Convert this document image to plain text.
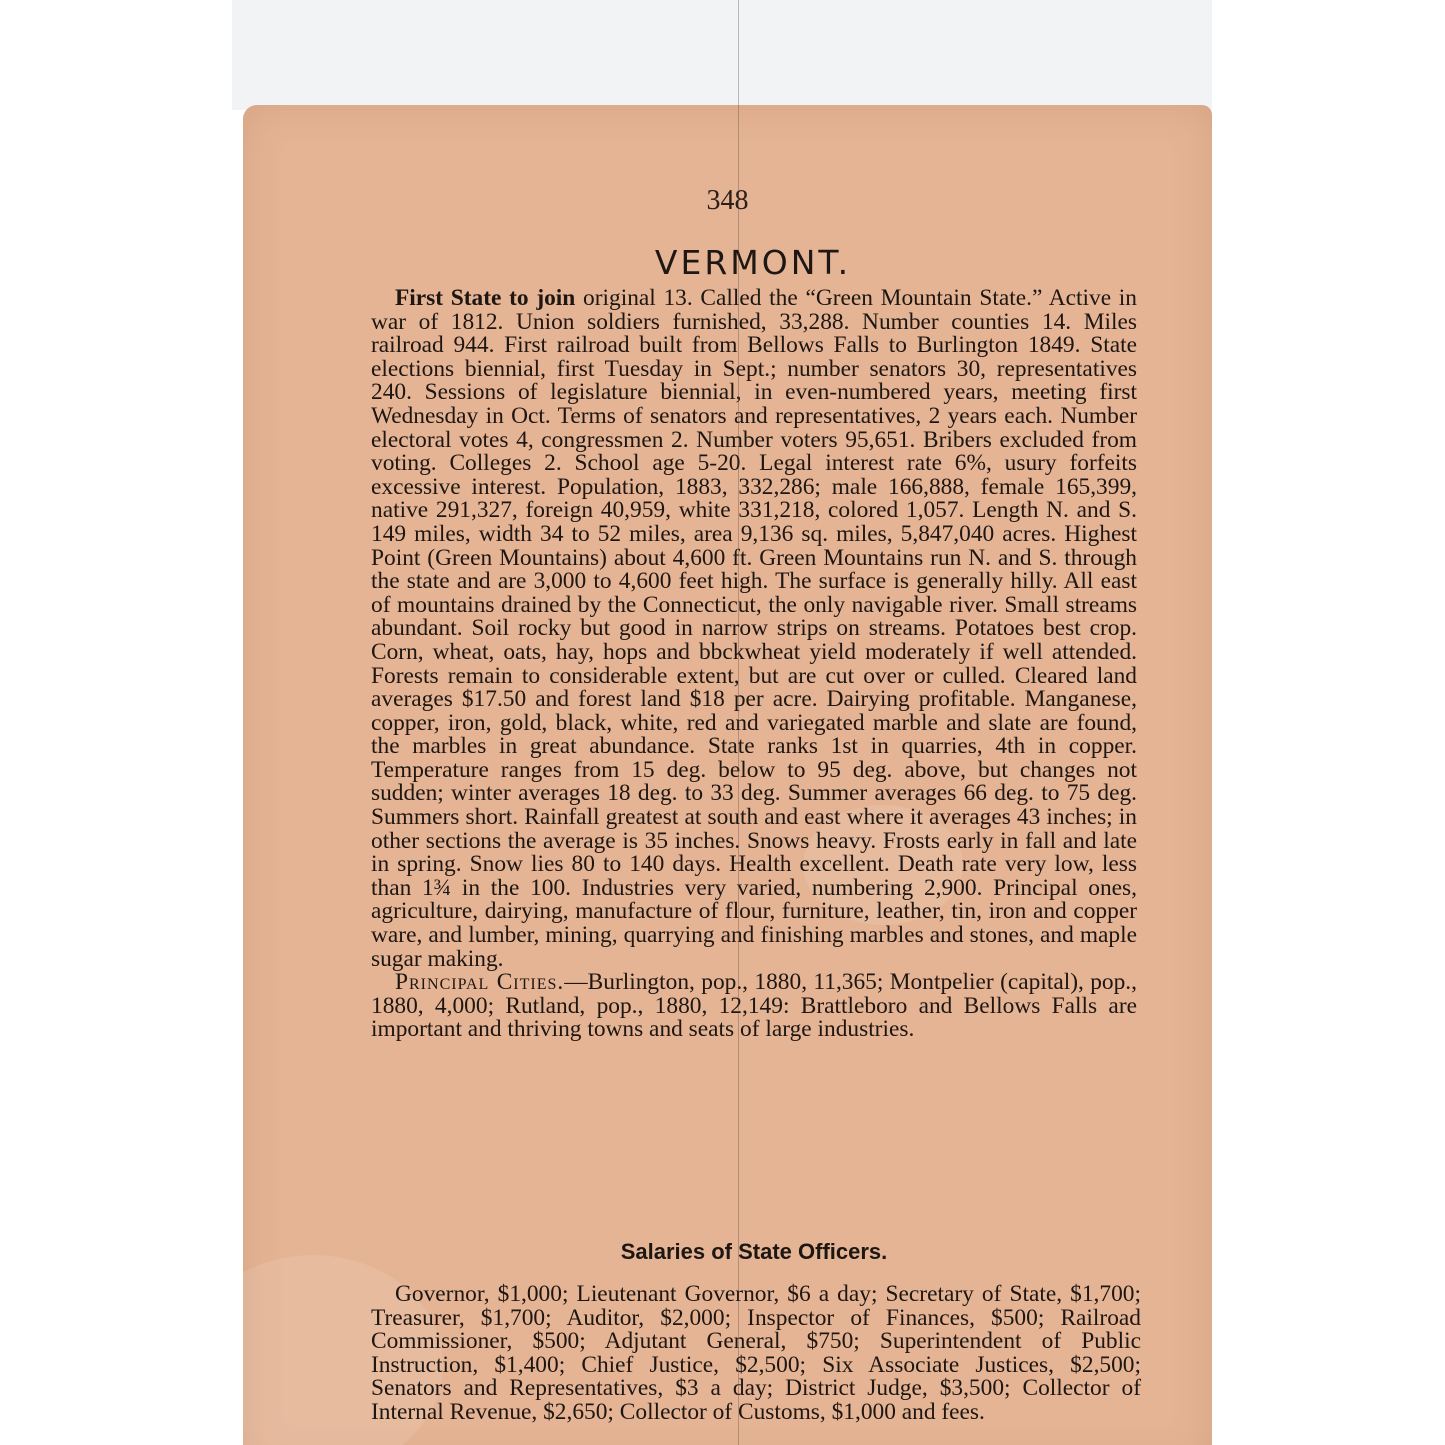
348
VERMONT.

First State to join original 13. Called the “Green Mountain State.” Active in war of 1812. Union soldiers furnished, 33,288. Number counties 14. Miles railroad 944. First railroad built from Bellows Falls to Burlington 1849. State elections biennial, first Tuesday in Sept.; number senators 30, representatives 240. Sessions of legislature biennial, in even-numbered years, meeting first Wednesday in Oct. Terms of senators and representatives, 2 years each. Number electoral votes 4, congressmen 2. Number voters 95,651. Bribers excluded from voting. Colleges 2. School age 5-20. Legal interest rate 6%, usury forfeits excessive interest. Population, 1883, 332,286; male 166,888, female 165,399, native 291,327, foreign 40,959, white 331,218, colored 1,057. Length N. and S. 149 miles, width 34 to 52 miles, area 9,136 sq. miles, 5,847,040 acres. Highest Point (Green Mountains) about 4,600 ft. Green Mountains run N. and S. through the state and are 3,000 to 4,600 feet high. The surface is generally hilly. All east of mountains drained by the Connecticut, the only navigable river. Small streams abundant. Soil rocky but good in narrow strips on streams. Potatoes best crop. Corn, wheat, oats, hay, hops and bbckwheat yield moderately if well attended. Forests remain to considerable extent, but are cut over or culled. Cleared land averages $17.50 and forest land $18 per acre. Dairying profitable. Manganese, copper, iron, gold, black, white, red and variegated marble and slate are found, the marbles in great abundance. State ranks 1st in quarries, 4th in copper. Temperature ranges from 15 deg. below to 95 deg. above, but changes not sudden; winter averages 18 deg. to 33 deg. Summer averages 66 deg. to 75 deg. Summers short. Rainfall greatest at south and east where it averages 43 inches; in other sections the average is 35 inches. Snows heavy. Frosts early in fall and late in spring. Snow lies 80 to 140 days. Health excellent. Death rate very low, less than 1¾ in the 100. Industries very varied, numbering 2,900. Principal ones, agriculture, dairying, manufacture of flour, furniture, leather, tin, iron and copper ware, and lumber, mining, quarrying and finishing marbles and stones, and maple sugar making.

Principal Cities.—Burlington, pop., 1880, 11,365; Montpelier (capital), pop., 1880, 4,000; Rutland, pop., 1880, 12,149: Brattleboro and Bellows Falls are important and thriving towns and seats of large industries.

Salaries of State Officers.

Governor, $1,000; Lieutenant Governor, $6 a day; Secretary of State, $1,700; Treasurer, $1,700; Auditor, $2,000; Inspector of Finances, $500; Railroad Commissioner, $500; Adjutant General, $750; Superintendent of Public Instruction, $1,400; Chief Justice, $2,500; Six Associate Justices, $2,500; Senators and Representatives, $3 a day; District Judge, $3,500; Collector of Internal Revenue, $2,650; Collector of Customs, $1,000 and fees.
